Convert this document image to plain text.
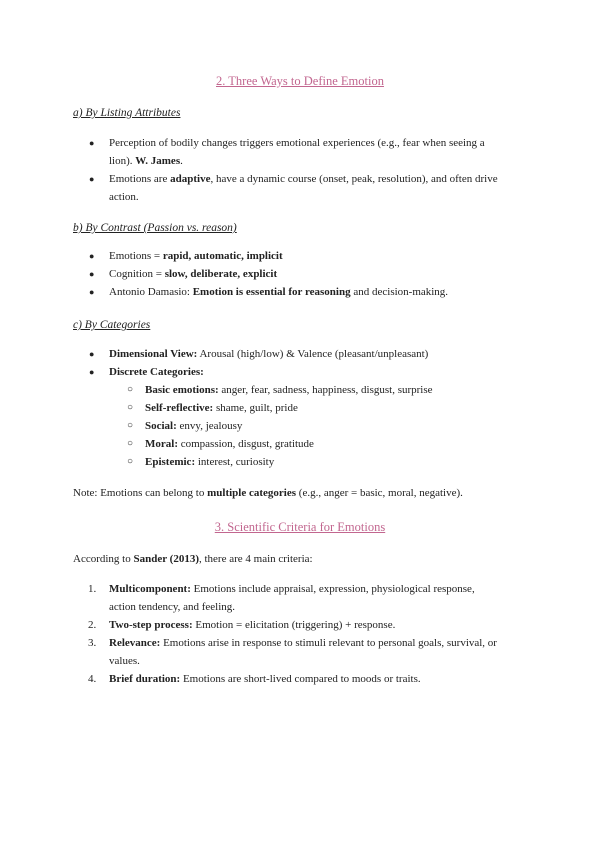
2. Three Ways to Define Emotion
a) By Listing Attributes
● Perception of bodily changes triggers emotional experiences (e.g., fear when seeing a lion). W. James.
● Emotions are adaptive, have a dynamic course (onset, peak, resolution), and often drive action.
b) By Contrast (Passion vs. reason)
● Emotions = rapid, automatic, implicit
● Cognition = slow, deliberate, explicit
● Antonio Damasio: Emotion is essential for reasoning and decision-making.
c) By Categories
● Dimensional View: Arousal (high/low) & Valence (pleasant/unpleasant)
● Discrete Categories:
○ Basic emotions: anger, fear, sadness, happiness, disgust, surprise
○ Self-reflective: shame, guilt, pride
○ Social: envy, jealousy
○ Moral: compassion, disgust, gratitude
○ Epistemic: interest, curiosity
Note: Emotions can belong to multiple categories (e.g., anger = basic, moral, negative).
3. Scientific Criteria for Emotions
According to Sander (2013), there are 4 main criteria:
1. Multicomponent: Emotions include appraisal, expression, physiological response, action tendency, and feeling.
2. Two-step process: Emotion = elicitation (triggering) + response.
3. Relevance: Emotions arise in response to stimuli relevant to personal goals, survival, or values.
4. Brief duration: Emotions are short-lived compared to moods or traits.
